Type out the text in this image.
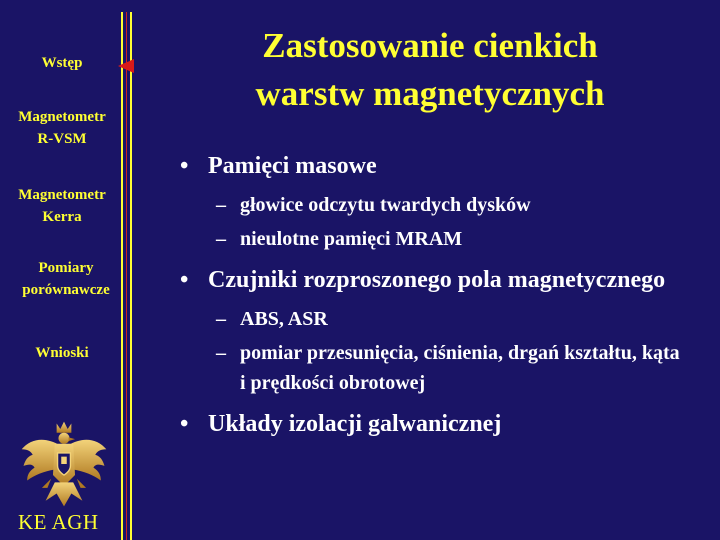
Wstęp
Magnetometr
R-VSM
Magnetometr
Kerra
Pomiary
porównawcze
Wnioski
KE AGH
Zastosowanie cienkich
warstw magnetycznych
• Pamięci masowe
– głowice odczytu twardych dysków
– nieulotne pamięci MRAM
• Czujniki rozproszonego pola magnetycznego
– ABS, ASR
– pomiar przesunięcia, ciśnienia, drgań kształtu, kąta i prędkości obrotowej
• Układy izolacji galwanicznej
